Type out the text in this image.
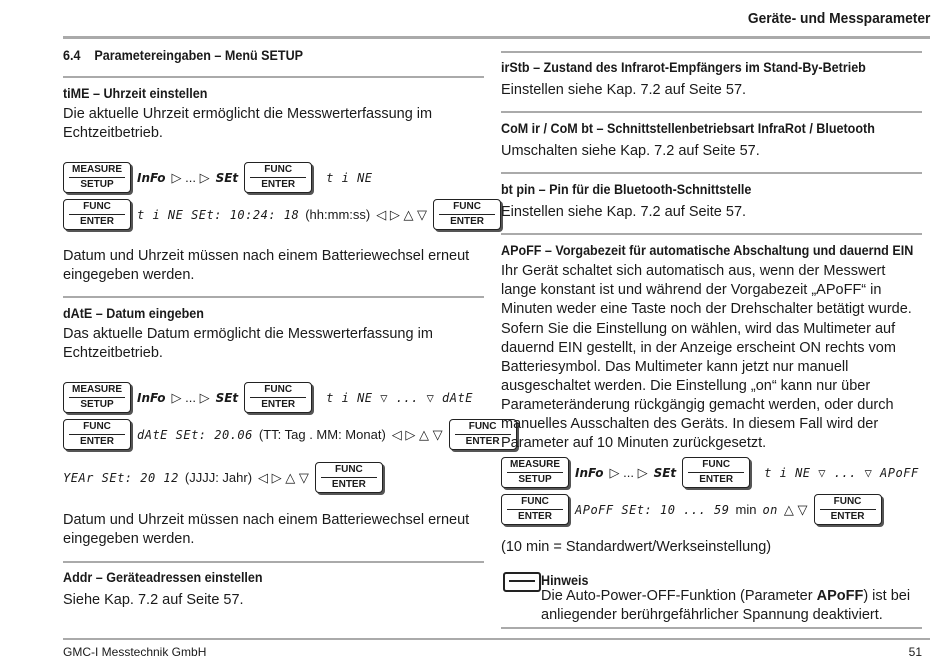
Geräte- und Messparameter
6.4    Parametereingaben – Menü SETUP
tiME – Uhrzeit einstellen
Die aktuelle Uhrzeit ermöglicht die Messwerterfassung im Echtzeitbetrieb.
MEASURE
SETUP InFo ▷ ... ▷ SEt
FUNC
ENTER	t i NE
FUNC
ENTER t i NE SEt: 10:24: 18 (hh:mm:ss) ◁ ▷ △ ▽	FUNC
ENTER
Datum und Uhrzeit müssen nach einem Batteriewechsel erneut eingegeben werden.
dAtE – Datum eingeben
Das aktuelle Datum ermöglicht die Messwerterfassung im Echtzeitbetrieb.
MEASURE
SETUP InFo ▷ ... ▷ SEt
FUNC
ENTER	t i NE ▽ ... ▽ dAtE
FUNC
ENTER dAtE SEt: 20.06 (TT: Tag . MM: Monat) ◁ ▷ △ ▽	FUNC
ENTER
YEAr SEt: 20 12 (JJJJ: Jahr) ◁ ▷ △ ▽	FUNC
ENTER
Datum und Uhrzeit müssen nach einem Batteriewechsel erneut eingegeben werden.
Addr – Geräteadressen einstellen
Siehe Kap. 7.2 auf Seite 57.
irStb – Zustand des Infrarot-Empfängers im Stand-By-Betrieb
Einstellen siehe Kap. 7.2 auf Seite 57.
CoM ir / CoM bt – Schnittstellenbetriebsart InfraRot / Bluetooth
Umschalten siehe Kap. 7.2 auf Seite 57.
bt pin – Pin für die Bluetooth-Schnittstelle
Einstellen siehe Kap. 7.2 auf Seite 57.
APoFF – Vorgabezeit für automatische Abschaltung und dauernd EIN
Ihr Gerät schaltet sich automatisch aus, wenn der Messwert lange konstant ist und während der Vorgabezeit „APoFF“ in Minuten weder eine Taste noch der Drehschalter betätigt wurde.
Sofern Sie die Einstellung on wählen, wird das Multimeter auf dauernd EIN gestellt, in der Anzeige erscheint ON rechts vom Batteriesymbol. Das Multimeter kann jetzt nur manuell ausgeschaltet werden. Die Einstellung „on“ kann nur über Parameteränderung rückgängig gemacht werden, oder durch manuelles Ausschalten des Geräts. In diesem Fall wird der Parameter auf 10 Minuten zurückgesetzt.
MEASURE
SETUP InFo ▷ ... ▷ SEt
FUNC
ENTER	t i NE ▽ ... ▽ APoFF
FUNC
ENTER APoFF SEt: 10 ... 59 min on △ ▽	FUNC
ENTER
(10 min = Standardwert/Werkseinstellung)
Hinweis
Die Auto-Power-OFF-Funktion (Parameter APoFF) ist bei anliegender berührgefährlicher Spannung deaktiviert.
GMC-I Messtechnik GmbH	51
